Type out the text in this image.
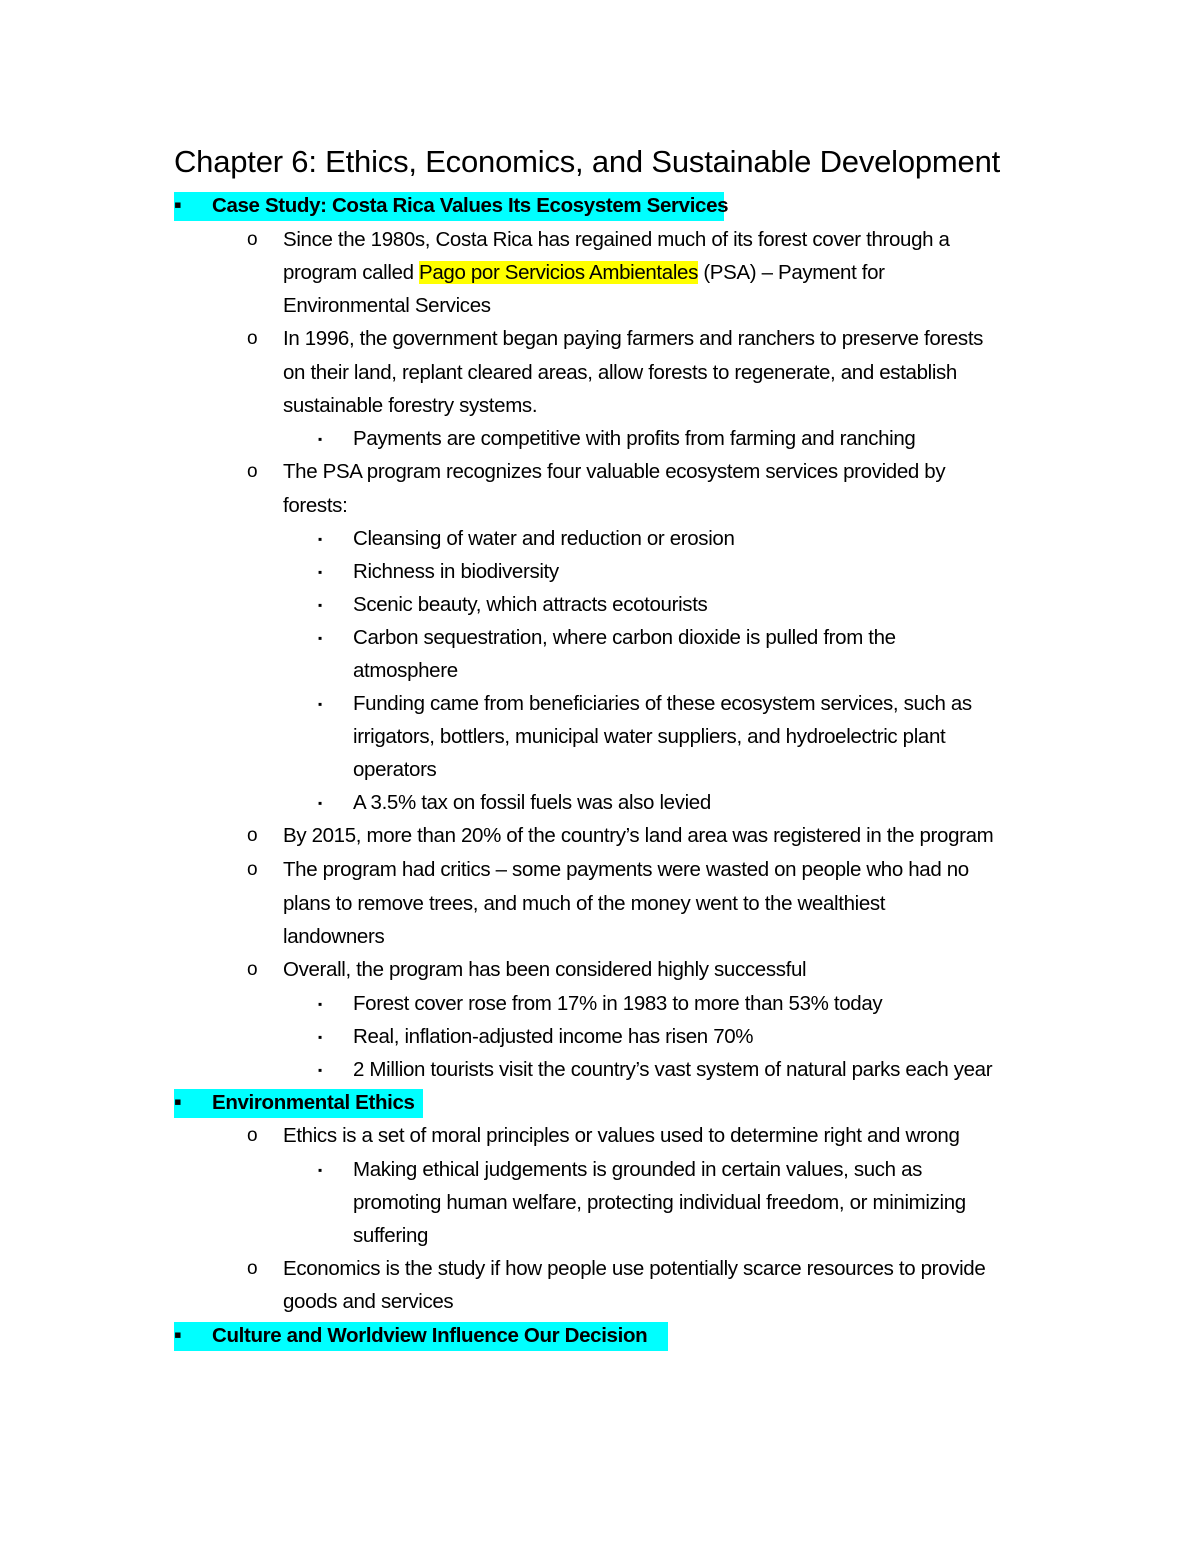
Chapter 6: Ethics, Economics, and Sustainable Development
▪ Case Study: Costa Rica Values Its Ecosystem Services
o Since the 1980s, Costa Rica has regained much of its forest cover through a
program called Pago por Servicios Ambientales (PSA) – Payment for
Environmental Services
o In 1996, the government began paying farmers and ranchers to preserve forests
on their land, replant cleared areas, allow forests to regenerate, and establish
sustainable forestry systems.
▪ Payments are competitive with profits from farming and ranching
o The PSA program recognizes four valuable ecosystem services provided by
forests:
▪ Cleansing of water and reduction or erosion
▪ Richness in biodiversity
▪ Scenic beauty, which attracts ecotourists
▪ Carbon sequestration, where carbon dioxide is pulled from the
atmosphere
▪ Funding came from beneficiaries of these ecosystem services, such as
irrigators, bottlers, municipal water suppliers, and hydroelectric plant
operators
▪ A 3.5% tax on fossil fuels was also levied
o By 2015, more than 20% of the country’s land area was registered in the program
o The program had critics – some payments were wasted on people who had no
plans to remove trees, and much of the money went to the wealthiest
landowners
o Overall, the program has been considered highly successful
▪ Forest cover rose from 17% in 1983 to more than 53% today
▪ Real, inflation-adjusted income has risen 70%
▪ 2 Million tourists visit the country’s vast system of natural parks each year
▪ Environmental Ethics
o Ethics is a set of moral principles or values used to determine right and wrong
▪ Making ethical judgements is grounded in certain values, such as
promoting human welfare, protecting individual freedom, or minimizing
suffering
o Economics is the study if how people use potentially scarce resources to provide
goods and services
▪ Culture and Worldview Influence Our Decision
